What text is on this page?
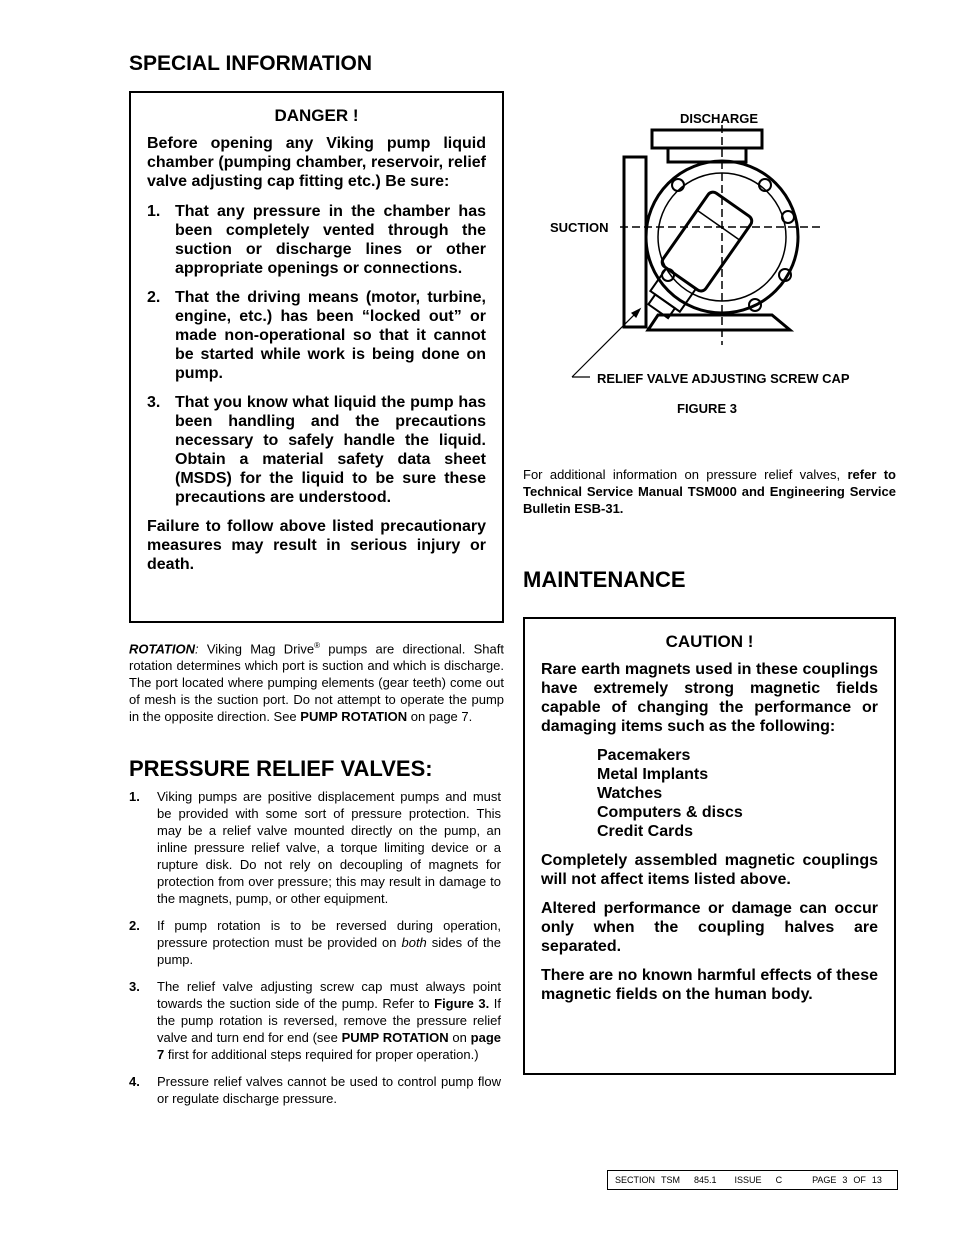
SPECIAL INFORMATION
DANGER !
Before opening any Viking pump liquid chamber (pumping chamber, reservoir, relief valve adjusting cap fitting etc.) Be sure:
1. That any pressure in the chamber has been completely vented through the suction or discharge lines or other appropriate openings or connections.
2. That the driving means (motor, turbine, engine, etc.) has been “locked out” or made non-operational so that it cannot be started while work is being done on pump.
3. That you know what liquid the pump has been handling and the precautions necessary to safely handle the liquid. Obtain a material safety data sheet (MSDS) for the liquid to be sure these precautions are understood.
Failure to follow above listed precautionary measures may result in serious injury or death.
ROTATION: Viking Mag Drive® pumps are directional. Shaft rotation determines which port is suction and which is discharge. The port located where pumping elements (gear teeth) come out of mesh is the suction port. Do not attempt to operate the pump in the opposite direction. See PUMP ROTATION on page 7.
PRESSURE RELIEF VALVES:
1. Viking pumps are positive displacement pumps and must be provided with some sort of pressure protection. This may be a relief valve mounted directly on the pump, an inline pressure relief valve, a torque limiting device or a rupture disk. Do not rely on decoupling of magnets for protection from over pressure; this may result in damage to the magnets, pump, or other equipment.
2. If pump rotation is to be reversed during operation, pressure protection must be provided on both sides of the pump.
3. The relief valve adjusting screw cap must always point towards the suction side of the pump. Refer to Figure 3. If the pump rotation is reversed, remove the pressure relief valve and turn end for end (see PUMP ROTATION on page 7 first for additional steps required for proper operation.)
4. Pressure relief valves cannot be used to control pump flow or regulate discharge pressure.
DISCHARGE
SUCTION
RELIEF VALVE ADJUSTING SCREW CAP
FIGURE 3
For additional information on pressure relief valves, refer to Technical Service Manual TSM000 and Engineering Service Bulletin ESB-31.
MAINTENANCE
CAUTION !
Rare earth magnets used in these couplings have extremely strong magnetic fields capable of changing the performance or damaging items such as the following:
Pacemakers
Metal Implants
Watches
Computers & discs
Credit Cards
Completely assembled magnetic couplings will not affect items listed above.
Altered performance or damage can occur only when the coupling halves are separated.
There are no known harmful effects of these magnetic fields on the human body.
SECTION TSM 845.1 ISSUE C	PAGE 3 OF 13
